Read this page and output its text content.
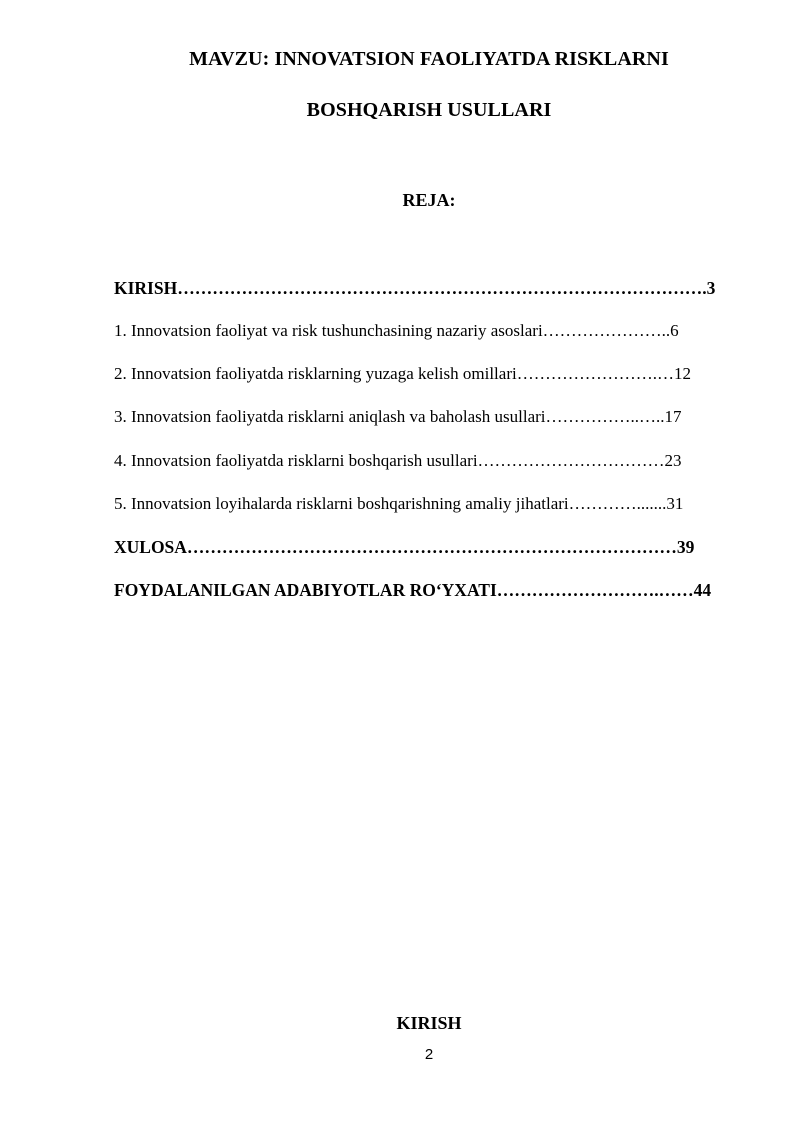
MAVZU: INNOVATSION FAOLIYATDA RISKLARNI
BOSHQARISH USULLARI
REJA:
KIRISH……………………………………………………………………………….3
1. Innovatsion faoliyat va risk tushunchasining nazariy asoslari…………………..6
2. Innovatsion faoliyatda risklarning yuzaga kelish omillari…………………….…12
3. Innovatsion faoliyatda risklarni aniqlash va baholash usullari……………..…..17
4. Innovatsion faoliyatda risklarni boshqarish usullari……………………………23
5. Innovatsion loyihalarda risklarni boshqarishning amaliy jihatlari………….......31
XULOSA…………………………………………………………………………39
FOYDALANILGAN ADABIYOTLAR RO‘YXATI……………………….……44
KIRISH
2
